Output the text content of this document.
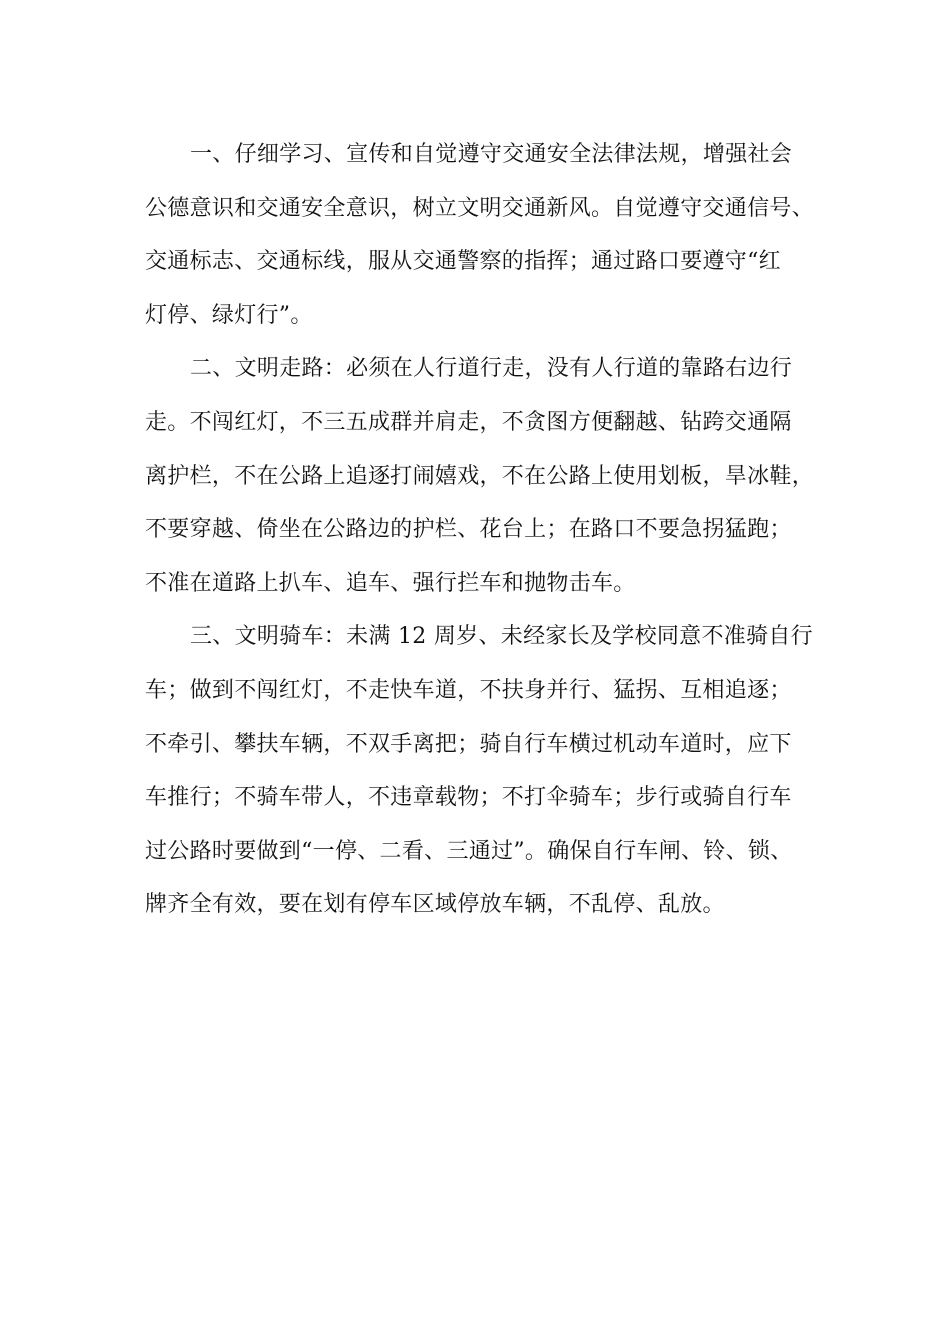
一、仔细学习、宣传和自觉遵守交通安全法律法规，增强社会
公德意识和交通安全意识，树立文明交通新风。自觉遵守交通信号、
交通标志、交通标线，服从交通警察的指挥；通过路口要遵守“红
灯停、绿灯行”。
二、文明走路：必须在人行道行走，没有人行道的靠路右边行
走。不闯红灯，不三五成群并肩走，不贪图方便翻越、钻跨交通隔
离护栏，不在公路上追逐打闹嬉戏，不在公路上使用划板，旱冰鞋，
不要穿越、倚坐在公路边的护栏、花台上；在路口不要急拐猛跑；
不准在道路上扒车、追车、强行拦车和抛物击车。
三、文明骑车：未满 12 周岁、未经家长及学校同意不准骑自行
车；做到不闯红灯，不走快车道，不扶身并行、猛拐、互相追逐；
不牵引、攀扶车辆，不双手离把；骑自行车横过机动车道时，应下
车推行；不骑车带人，不违章载物；不打伞骑车；步行或骑自行车
过公路时要做到“一停、二看、三通过”。确保自行车闸、铃、锁、
牌齐全有效，要在划有停车区域停放车辆，不乱停、乱放。
